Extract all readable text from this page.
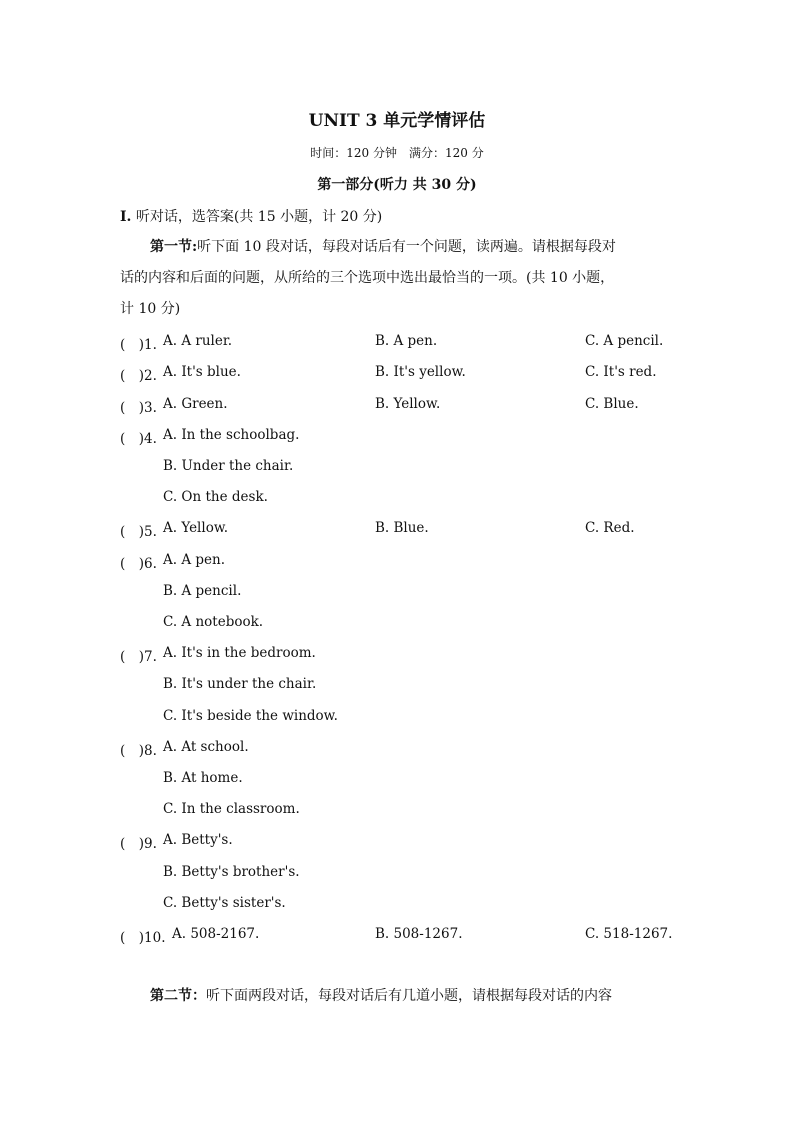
UNIT 3 单元学情评估
时间：120 分钟　满分：120 分
第一部分(听力 共 30 分)
Ⅰ. 听对话，选答案(共 15 小题，计 20 分)
第一节:听下面 10 段对话，每段对话后有一个问题，读两遍。请根据每段对
话的内容和后面的问题，从所给的三个选项中选出最恰当的一项。(共 10 小题，
计 10 分)
(　)1. A. A ruler.	B. A pen.	C. A pencil.
(　)2. A. It's blue.	B. It's yellow.	C. It's red.
(　)3. A. Green.	B. Yellow.	C. Blue.
(　)4. A. In the schoolbag.
B. Under the chair.
C. On the desk.
(　)5. A. Yellow.	B. Blue.	C. Red.
(　)6. A. A pen.
B. A pencil.
C. A notebook.
(　)7. A. It's in the bedroom.
B. It's under the chair.
C. It's beside the window.
(　)8. A. At school.
B. At home.
C. In the classroom.
(　)9. A. Betty's.
B. Betty's brother's.
C. Betty's sister's.
(　)10. A. 508-2167.	B. 508-1267.	C. 518-1267.
第二节：听下面两段对话，每段对话后有几道小题，请根据每段对话的内容
